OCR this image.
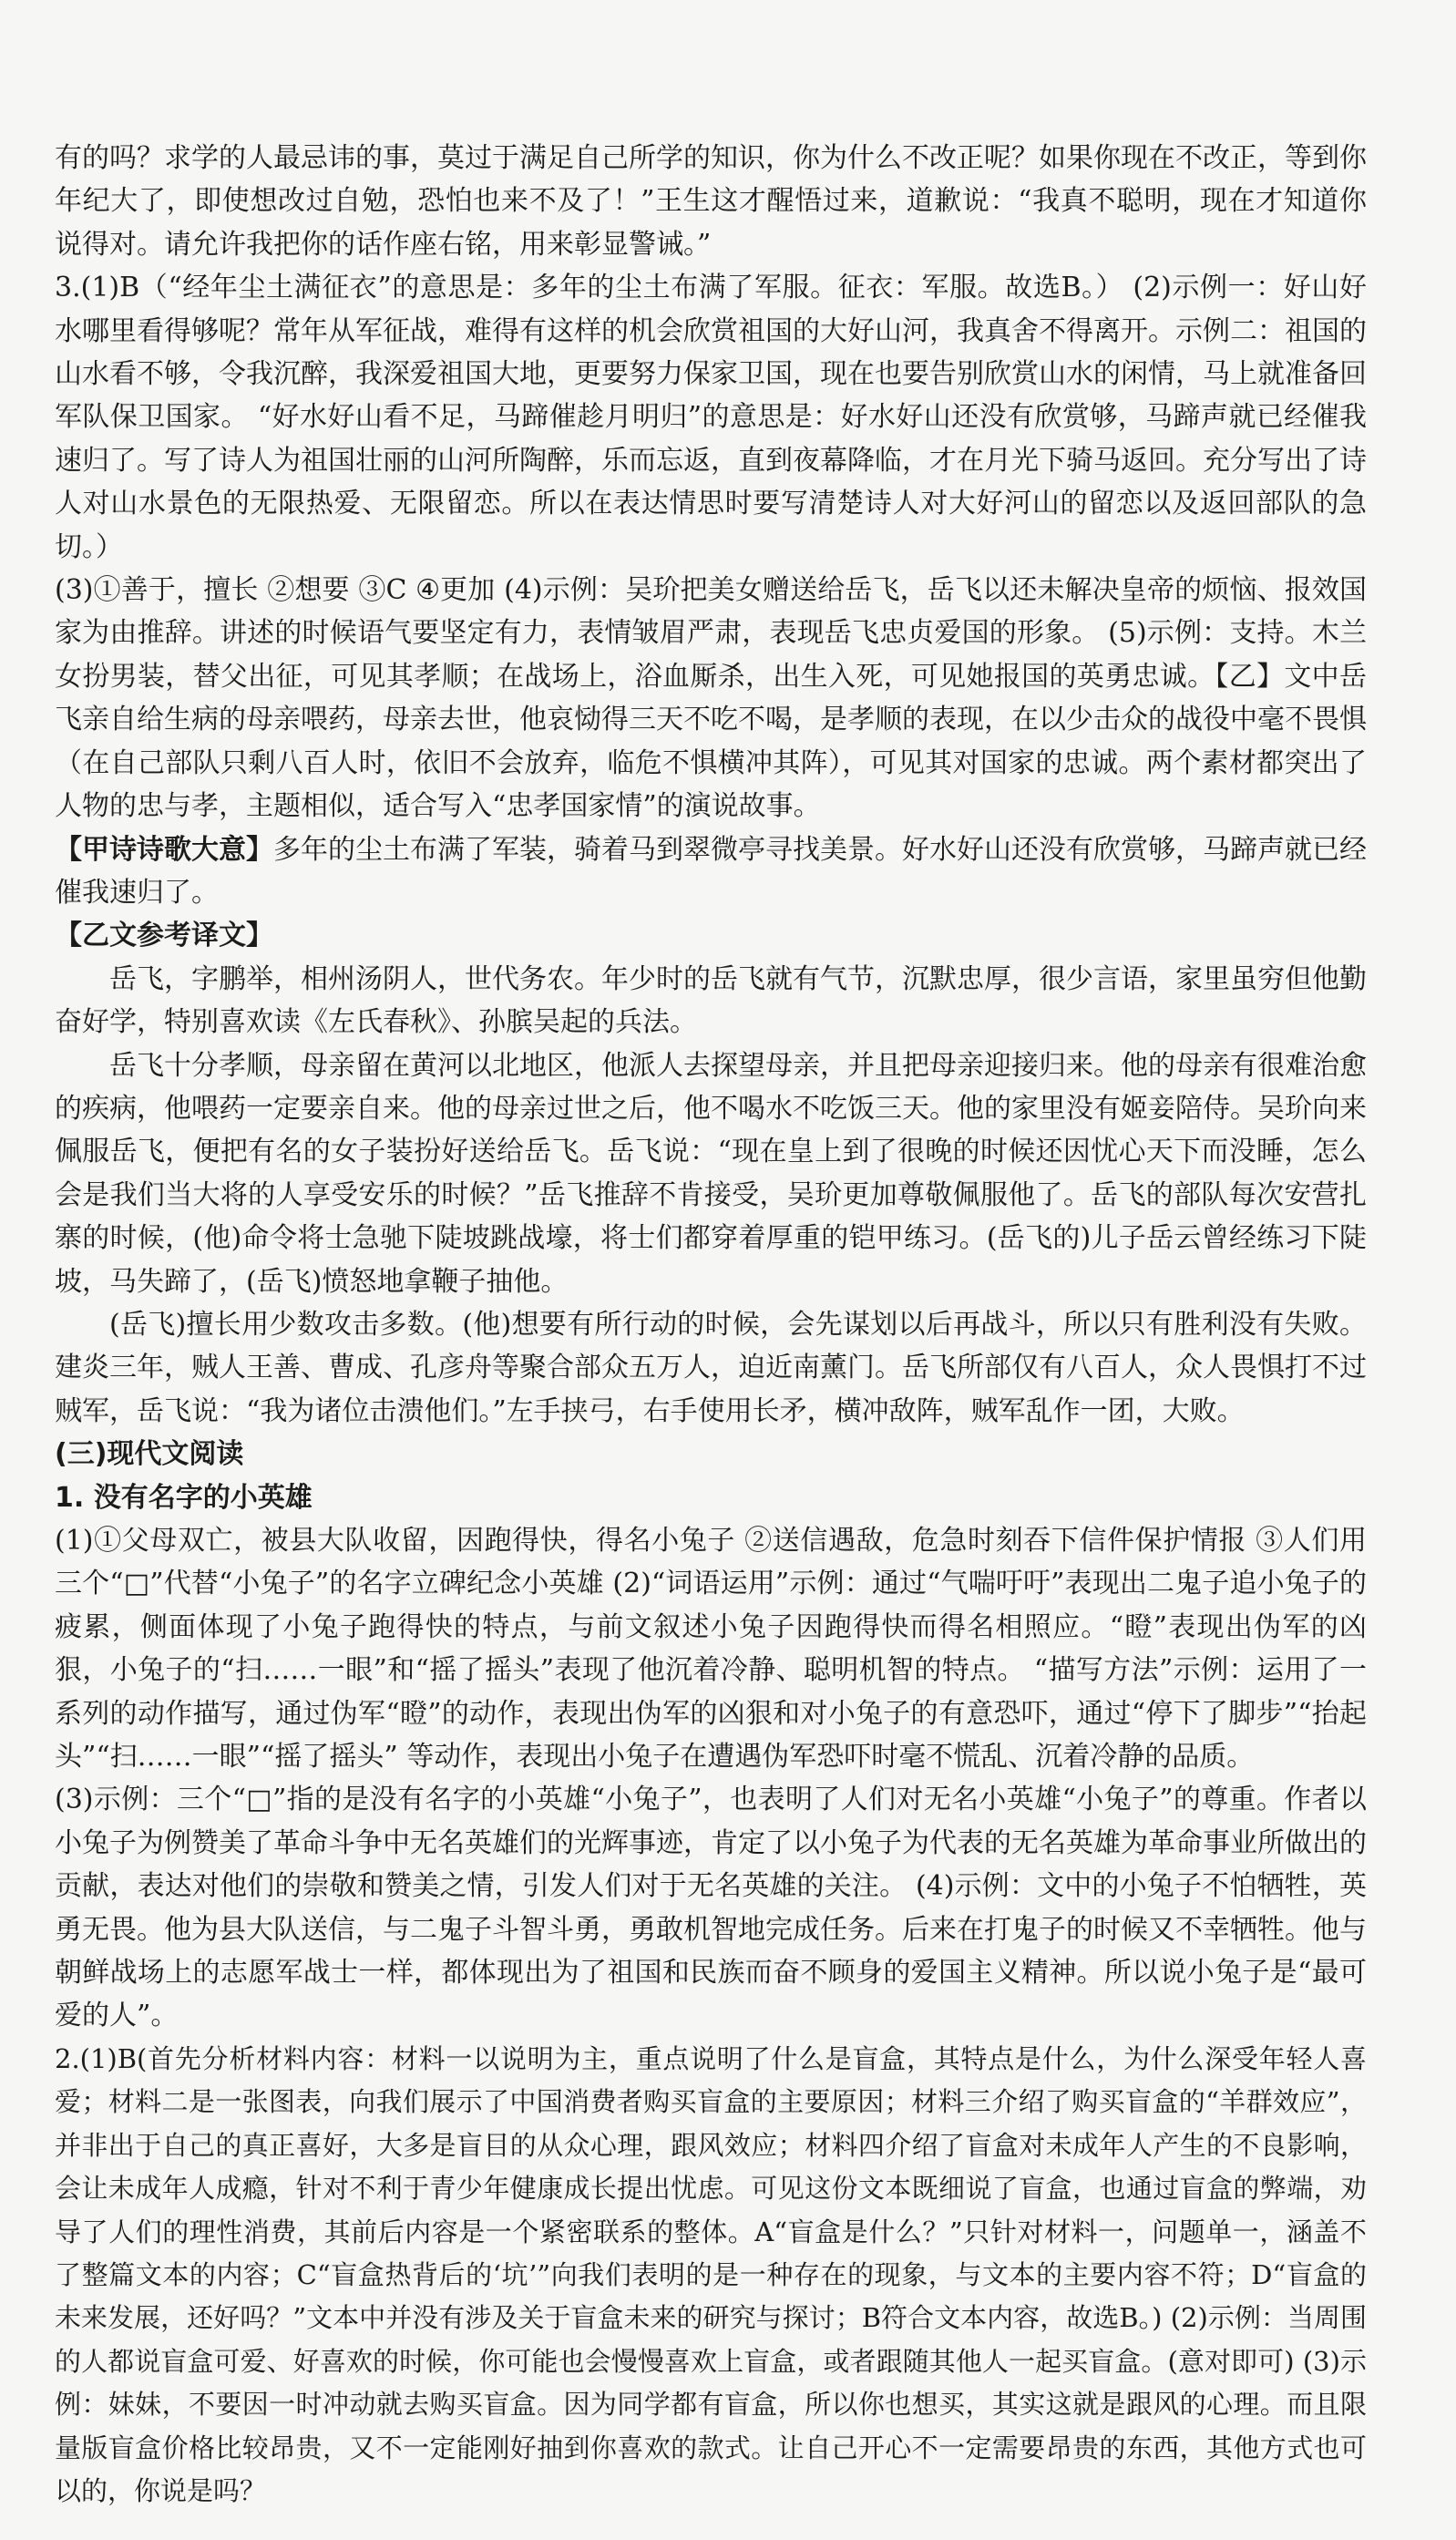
有的吗？求学的人最忌讳的事，莫过于满足自己所学的知识，你为什么不改正呢？如果你现在不改正，等到你年纪大了，即使想改过自勉，恐怕也来不及了！”王生这才醒悟过来，道歉说：“我真不聪明，现在才知道你说得对。请允许我把你的话作座右铭，用来彰显警诫。”

3.(1)B（“经年尘土满征衣”的意思是：多年的尘土布满了军服。征衣：军服。故选B。） (2)示例一：好山好水哪里看得够呢？常年从军征战，难得有这样的机会欣赏祖国的大好山河，我真舍不得离开。示例二：祖国的山水看不够，令我沉醉，我深爱祖国大地，更要努力保家卫国，现在也要告别欣赏山水的闲情，马上就准备回军队保卫国家。 “好水好山看不足，马蹄催趁月明归”的意思是：好水好山还没有欣赏够，马蹄声就已经催我速归了。写了诗人为祖国壮丽的山河所陶醉，乐而忘返，直到夜幕降临，才在月光下骑马返回。充分写出了诗人对山水景色的无限热爱、无限留恋。所以在表达情思时要写清楚诗人对大好河山的留恋以及返回部队的急切。）

(3)①善于，擅长 ②想要 ③C ④更加 (4)示例：吴玠把美女赠送给岳飞，岳飞以还未解决皇帝的烦恼、报效国家为由推辞。讲述的时候语气要坚定有力，表情皱眉严肃，表现岳飞忠贞爱国的形象。 (5)示例：支持。木兰女扮男装，替父出征，可见其孝顺；在战场上，浴血厮杀，出生入死，可见她报国的英勇忠诚。【乙】文中岳飞亲自给生病的母亲喂药，母亲去世，他哀恸得三天不吃不喝，是孝顺的表现，在以少击众的战役中毫不畏惧（在自己部队只剩八百人时，依旧不会放弃，临危不惧横冲其阵），可见其对国家的忠诚。两个素材都突出了人物的忠与孝，主题相似，适合写入“忠孝国家情”的演说故事。

【甲诗诗歌大意】多年的尘土布满了军装，骑着马到翠微亭寻找美景。好水好山还没有欣赏够，马蹄声就已经催我速归了。

【乙文参考译文】

岳飞，字鹏举，相州汤阴人，世代务农。年少时的岳飞就有气节，沉默忠厚，很少言语，家里虽穷但他勤奋好学，特别喜欢读《左氏春秋》、孙膑吴起的兵法。

岳飞十分孝顺，母亲留在黄河以北地区，他派人去探望母亲，并且把母亲迎接归来。他的母亲有很难治愈的疾病，他喂药一定要亲自来。他的母亲过世之后，他不喝水不吃饭三天。他的家里没有姬妾陪侍。吴玠向来佩服岳飞，便把有名的女子装扮好送给岳飞。岳飞说：“现在皇上到了很晚的时候还因忧心天下而没睡，怎么会是我们当大将的人享受安乐的时候？”岳飞推辞不肯接受，吴玠更加尊敬佩服他了。岳飞的部队每次安营扎寨的时候，(他)命令将士急驰下陡坡跳战壕，将士们都穿着厚重的铠甲练习。(岳飞的)儿子岳云曾经练习下陡坡，马失蹄了，(岳飞)愤怒地拿鞭子抽他。

(岳飞)擅长用少数攻击多数。(他)想要有所行动的时候，会先谋划以后再战斗，所以只有胜利没有失败。建炎三年，贼人王善、曹成、孔彦舟等聚合部众五万人，迫近南薰门。岳飞所部仅有八百人，众人畏惧打不过贼军，岳飞说：“我为诸位击溃他们。”左手挟弓，右手使用长矛，横冲敌阵，贼军乱作一团，大败。

(三)现代文阅读

1. 没有名字的小英雄

(1)①父母双亡，被县大队收留，因跑得快，得名小兔子 ②送信遇敌，危急时刻吞下信件保护情报 ③人们用三个“□”代替“小兔子”的名字立碑纪念小英雄 (2)“词语运用”示例：通过“气喘吁吁”表现出二鬼子追小兔子的疲累，侧面体现了小兔子跑得快的特点，与前文叙述小兔子因跑得快而得名相照应。“瞪”表现出伪军的凶狠，小兔子的“扫……一眼”和“摇了摇头”表现了他沉着冷静、聪明机智的特点。 “描写方法”示例：运用了一系列的动作描写，通过伪军“瞪”的动作，表现出伪军的凶狠和对小兔子的有意恐吓，通过“停下了脚步”“抬起头”“扫……一眼”“摇了摇头” 等动作，表现出小兔子在遭遇伪军恐吓时毫不慌乱、沉着冷静的品质。

(3)示例：三个“□”指的是没有名字的小英雄“小兔子”，也表明了人们对无名小英雄“小兔子”的尊重。作者以小兔子为例赞美了革命斗争中无名英雄们的光辉事迹，肯定了以小兔子为代表的无名英雄为革命事业所做出的贡献，表达对他们的崇敬和赞美之情，引发人们对于无名英雄的关注。 (4)示例：文中的小兔子不怕牺牲，英勇无畏。他为县大队送信，与二鬼子斗智斗勇，勇敢机智地完成任务。后来在打鬼子的时候又不幸牺牲。他与朝鲜战场上的志愿军战士一样，都体现出为了祖国和民族而奋不顾身的爱国主义精神。所以说小兔子是“最可爱的人”。

2.(1)B(首先分析材料内容：材料一以说明为主，重点说明了什么是盲盒，其特点是什么，为什么深受年轻人喜爱；材料二是一张图表，向我们展示了中国消费者购买盲盒的主要原因；材料三介绍了购买盲盒的“羊群效应”，并非出于自己的真正喜好，大多是盲目的从众心理，跟风效应；材料四介绍了盲盒对未成年人产生的不良影响，会让未成年人成瘾，针对不利于青少年健康成长提出忧虑。可见这份文本既细说了盲盒，也通过盲盒的弊端，劝导了人们的理性消费，其前后内容是一个紧密联系的整体。A“盲盒是什么？”只针对材料一，问题单一，涵盖不了整篇文本的内容；C“盲盒热背后的‘坑’”向我们表明的是一种存在的现象，与文本的主要内容不符；D“盲盒的未来发展，还好吗？”文本中并没有涉及关于盲盒未来的研究与探讨；B符合文本内容，故选B。) (2)示例：当周围的人都说盲盒可爱、好喜欢的时候，你可能也会慢慢喜欢上盲盒，或者跟随其他人一起买盲盒。(意对即可) (3)示例：妹妹，不要因一时冲动就去购买盲盒。因为同学都有盲盒，所以你也想买，其实这就是跟风的心理。而且限量版盲盒价格比较昂贵，又不一定能刚好抽到你喜欢的款式。让自己开心不一定需要昂贵的东西，其他方式也可以的，你说是吗？
